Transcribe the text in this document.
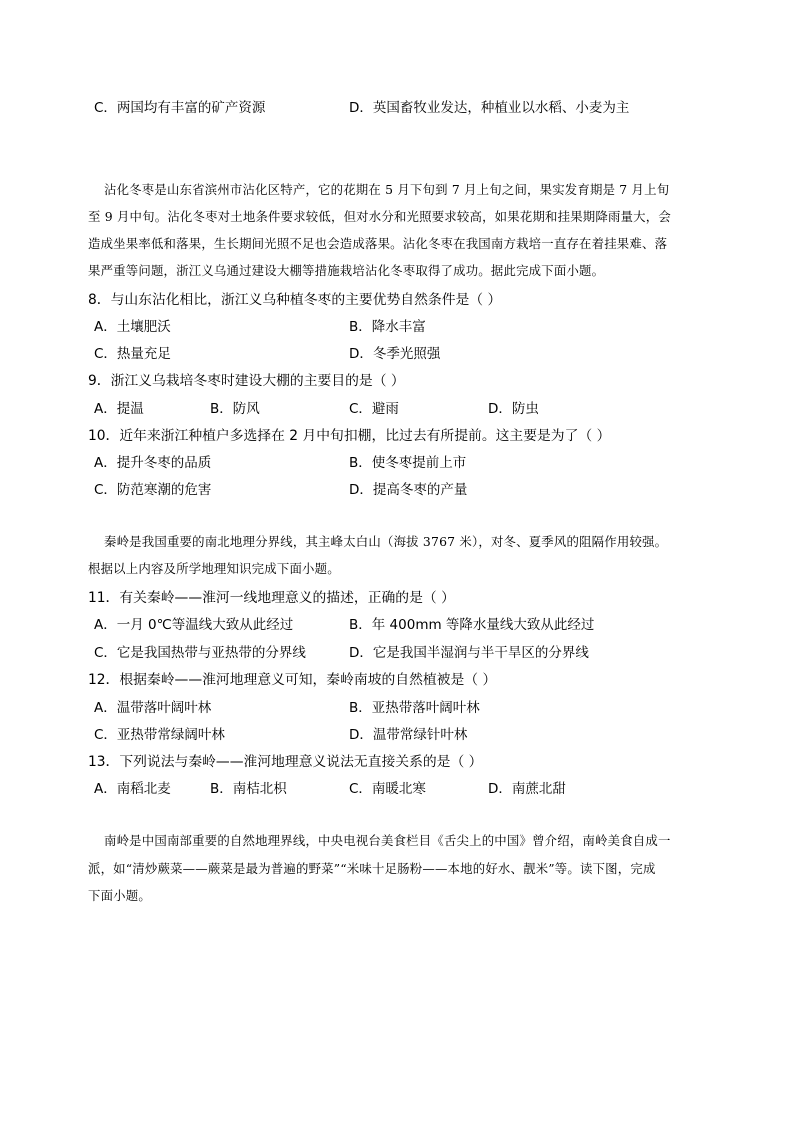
C．两国均有丰富的矿产资源	D．英国畜牧业发达，种植业以水稻、小麦为主
沾化冬枣是山东省滨州市沾化区特产，它的花期在 5 月下旬到 7 月上旬之间，果实发育期是 7 月上旬
至 9 月中旬。沾化冬枣对土地条件要求较低，但对水分和光照要求较高，如果花期和挂果期降雨量大，会
造成坐果率低和落果，生长期间光照不足也会造成落果。沾化冬枣在我国南方栽培一直存在着挂果难、落
果严重等问题，浙江义乌通过建设大棚等措施栽培沾化冬枣取得了成功。据此完成下面小题。
8．与山东沾化相比，浙江义乌种植冬枣的主要优势自然条件是（ ）
A．土壤肥沃	B．降水丰富
C．热量充足	D．冬季光照强
9．浙江义乌栽培冬枣时建设大棚的主要目的是（ ）
A．提温	B．防风	C．避雨	D．防虫
10．近年来浙江种植户多选择在 2 月中旬扣棚，比过去有所提前。这主要是为了（ ）
A．提升冬枣的品质	B．使冬枣提前上市
C．防范寒潮的危害	D．提高冬枣的产量
秦岭是我国重要的南北地理分界线，其主峰太白山（海拔 3767 米），对冬、夏季风的阻隔作用较强。
根据以上内容及所学地理知识完成下面小题。
11．有关秦岭——淮河一线地理意义的描述，正确的是（ ）
A．一月 0℃等温线大致从此经过	B．年 400mm 等降水量线大致从此经过
C．它是我国热带与亚热带的分界线	D．它是我国半湿润与半干旱区的分界线
12．根据秦岭——淮河地理意义可知，秦岭南坡的自然植被是（ ）
A．温带落叶阔叶林	B．亚热带落叶阔叶林
C．亚热带常绿阔叶林	D．温带常绿针叶林
13．下列说法与秦岭——淮河地理意义说法无直接关系的是（ ）
A．南稻北麦	B．南桔北枳	C．南暖北寒	D．南蔗北甜
南岭是中国南部重要的自然地理界线，中央电视台美食栏目《舌尖上的中国》曾介绍，南岭美食自成一
派，如“清炒蕨菜——蕨菜是最为普遍的野菜”“米味十足肠粉——本地的好水、靓米”等。读下图，完成
下面小题。
